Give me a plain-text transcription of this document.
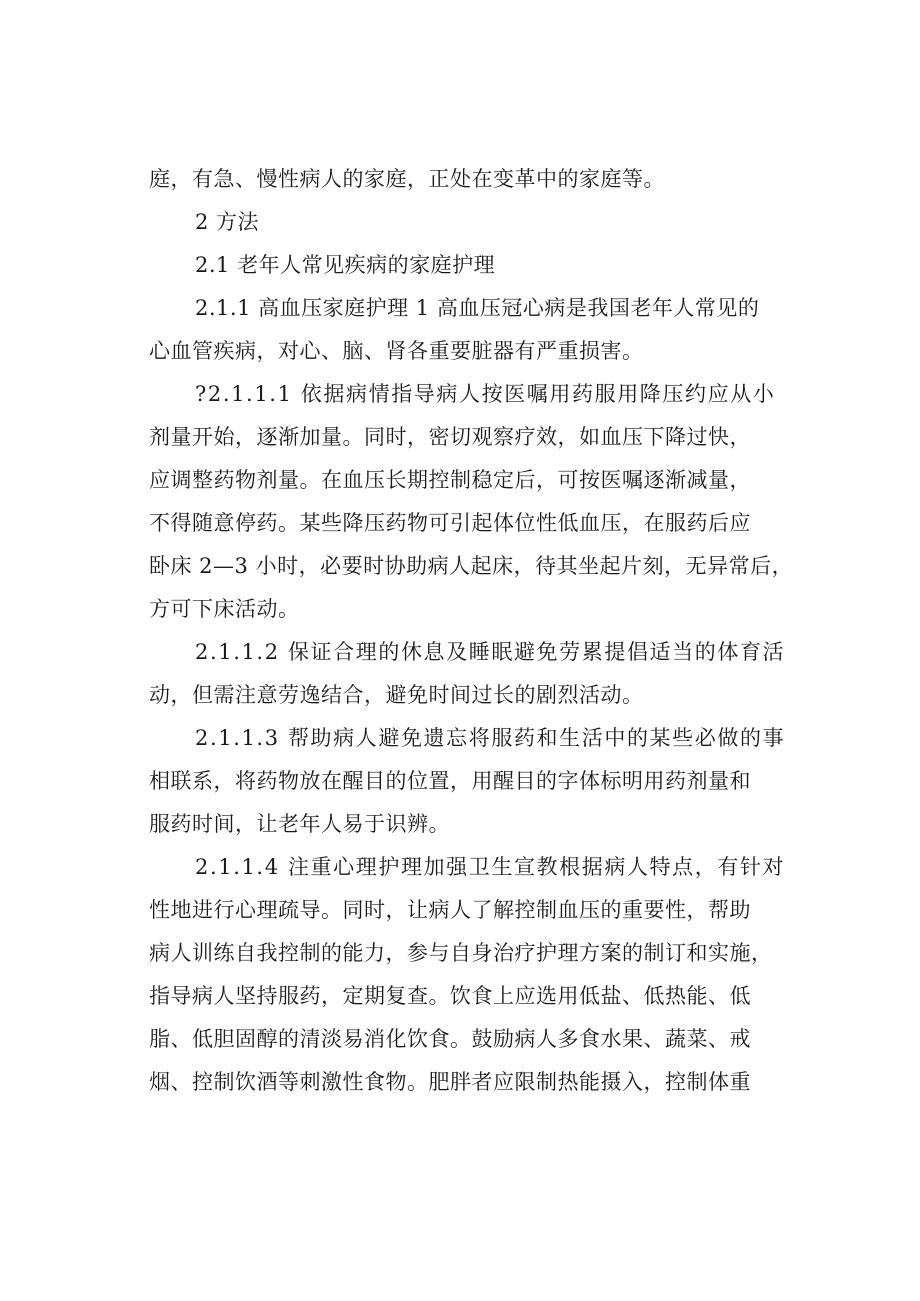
庭，有急、慢性病人的家庭，正处在变革中的家庭等。
2 方法
2.1 老年人常见疾病的家庭护理
2.1.1 高血压家庭护理 1 高血压冠心病是我国老年人常见的
心血管疾病，对心、脑、肾各重要脏器有严重损害。
?2.1.1.1 依据病情指导病人按医嘱用药服用降压约应从小
剂量开始，逐渐加量。同时，密切观察疗效，如血压下降过快，
应调整药物剂量。在血压长期控制稳定后，可按医嘱逐渐减量，
不得随意停药。某些降压药物可引起体位性低血压，在服药后应
卧床 2—3 小时，必要时协助病人起床，待其坐起片刻，无异常后，
方可下床活动。
2.1.1.2 保证合理的休息及睡眠避免劳累提倡适当的体育活
动，但需注意劳逸结合，避免时间过长的剧烈活动。
2.1.1.3 帮助病人避免遗忘将服药和生活中的某些必做的事
相联系，将药物放在醒目的位置，用醒目的字体标明用药剂量和
服药时间，让老年人易于识辨。
2.1.1.4 注重心理护理加强卫生宣教根据病人特点，有针对
性地进行心理疏导。同时，让病人了解控制血压的重要性，帮助
病人训练自我控制的能力，参与自身治疗护理方案的制订和实施，
指导病人坚持服药，定期复查。饮食上应选用低盐、低热能、低
脂、低胆固醇的清淡易消化饮食。鼓励病人多食水果、蔬菜、戒
烟、控制饮酒等刺激性食物。肥胖者应限制热能摄入，控制体重
